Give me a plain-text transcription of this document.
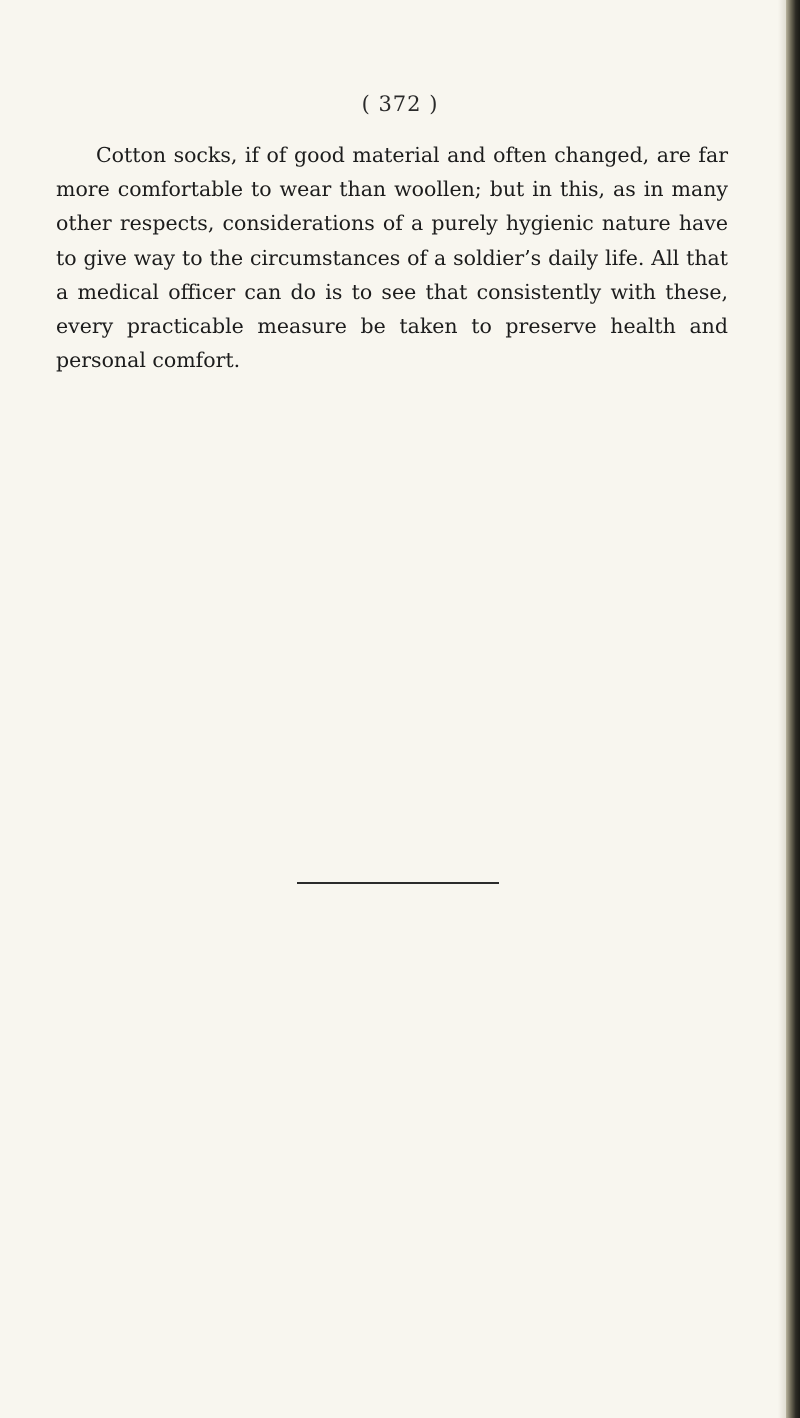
( 372 )

Cotton socks, if of good material and often changed, are far more comfortable to wear than woollen; but in this, as in many other respects, considerations of a purely hygienic nature have to give way to the circumstances of a soldier’s daily life. All that a medical officer can do is to see that consistently with these, every practicable measure be taken to preserve health and personal comfort.
